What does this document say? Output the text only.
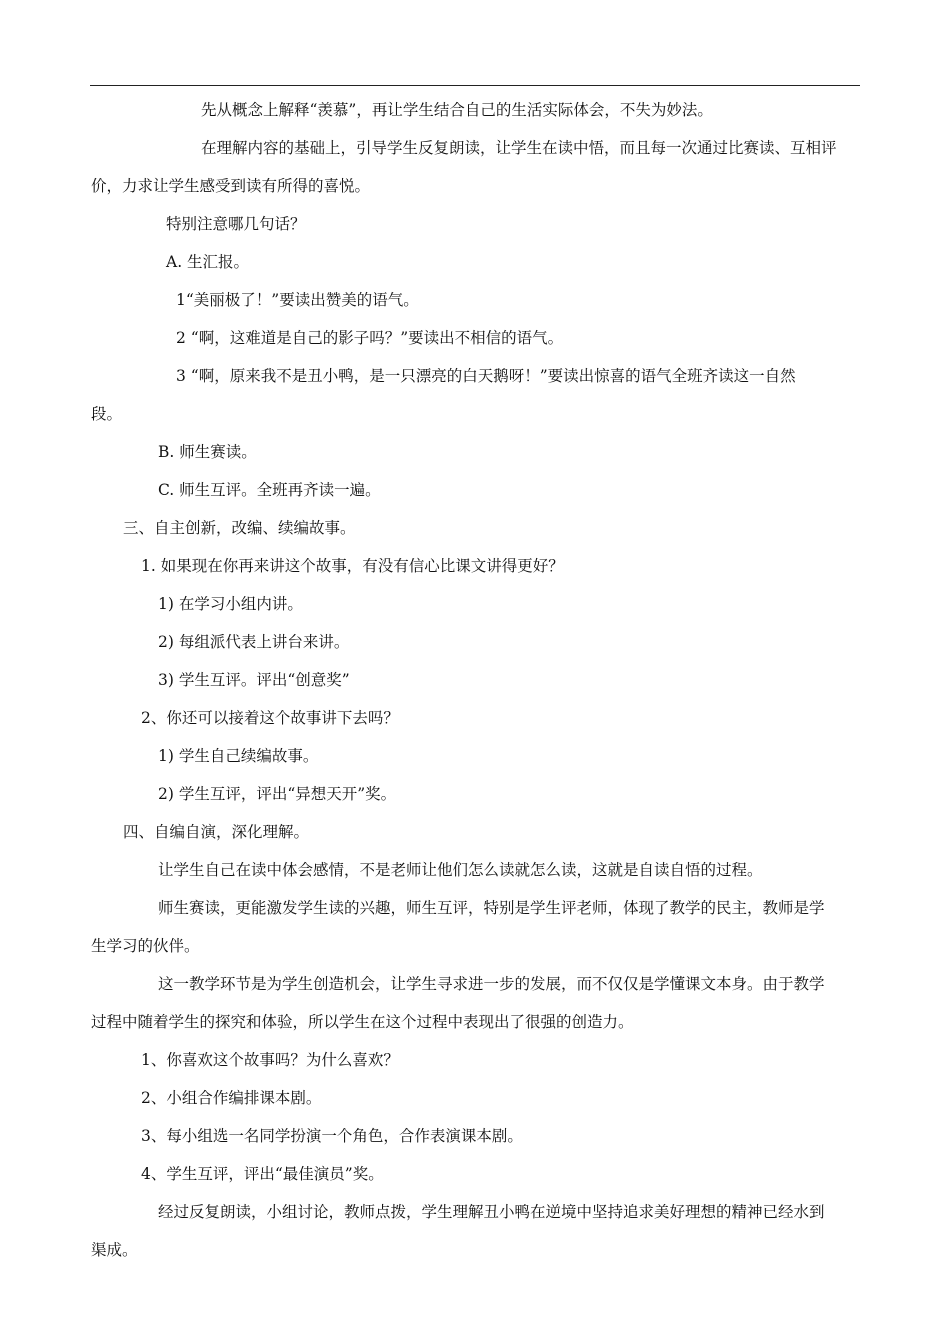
先从概念上解释“羡慕”，再让学生结合自己的生活实际体会，不失为妙法。
在理解内容的基础上，引导学生反复朗读，让学生在读中悟，而且每一次通过比赛读、互相评
价，力求让学生感受到读有所得的喜悦。
特别注意哪几句话？
A. 生汇报。
1“美丽极了！”要读出赞美的语气。
2 “啊，这难道是自己的影子吗？”要读出不相信的语气。
3 “啊，原来我不是丑小鸭，是一只漂亮的白天鹅呀！”要读出惊喜的语气全班齐读这一自然
段。
B. 师生赛读。
C. 师生互评。全班再齐读一遍。
三、自主创新，改编、续编故事。
1. 如果现在你再来讲这个故事，有没有信心比课文讲得更好？
1) 在学习小组内讲。
2) 每组派代表上讲台来讲。
3) 学生互评。评出“创意奖”
2、你还可以接着这个故事讲下去吗？
1) 学生自己续编故事。
2) 学生互评，评出“异想天开”奖。
四、自编自演，深化理解。
让学生自己在读中体会感情，不是老师让他们怎么读就怎么读，这就是自读自悟的过程。
师生赛读，更能激发学生读的兴趣，师生互评，特别是学生评老师，体现了教学的民主，教师是学
生学习的伙伴。
这一教学环节是为学生创造机会，让学生寻求进一步的发展，而不仅仅是学懂课文本身。由于教学
过程中随着学生的探究和体验，所以学生在这个过程中表现出了很强的创造力。
1、你喜欢这个故事吗？为什么喜欢？
2、小组合作编排课本剧。
3、每小组选一名同学扮演一个角色，合作表演课本剧。
4、学生互评，评出“最佳演员”奖。
经过反复朗读，小组讨论，教师点拨，学生理解丑小鸭在逆境中坚持追求美好理想的精神已经水到
渠成。
